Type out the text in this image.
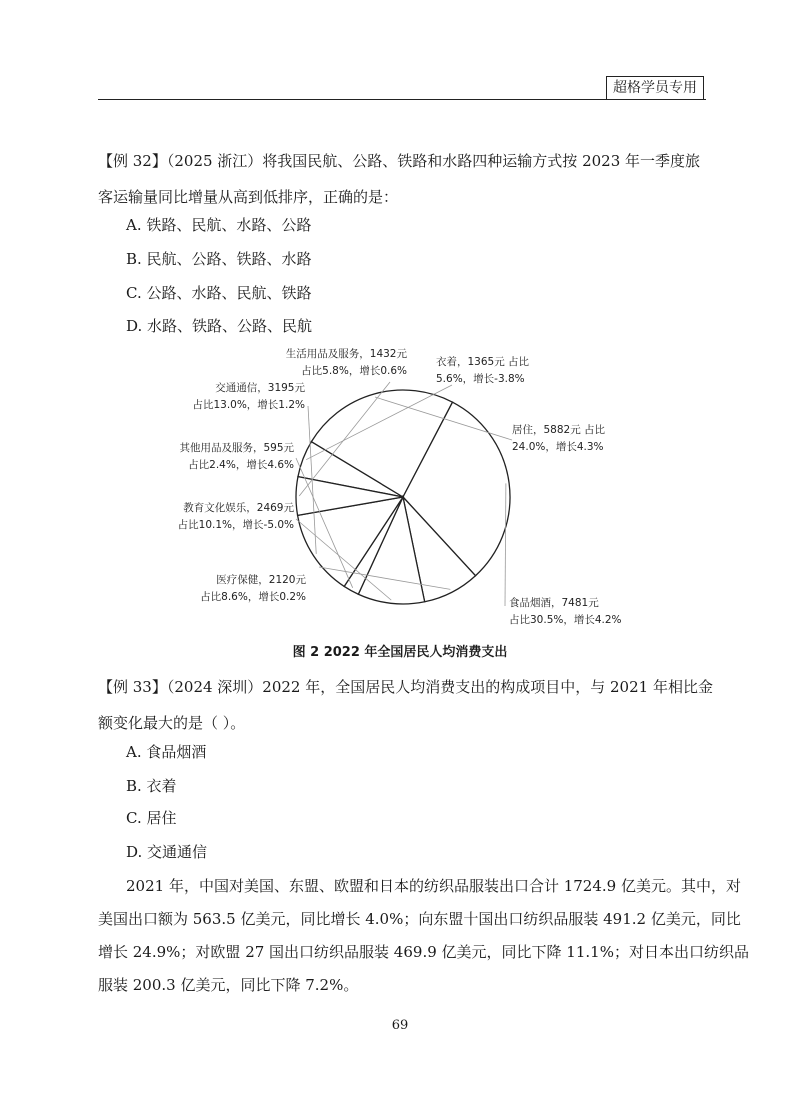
超格学员专用
【例 32】（2025 浙江）将我国民航、公路、铁路和水路四种运输方式按 2023 年一季度旅
客运输量同比增量从高到低排序，正确的是：
A. 铁路、民航、水路、公路
B. 民航、公路、铁路、水路
C. 公路、水路、民航、铁路
D. 水路、铁路、公路、民航
衣着，1365元 占比
5.6%，增长-3.8%
居住，5882元 占比
24.0%，增长4.3%
食品烟酒，7481元
占比30.5%，增长4.2%
医疗保健，2120元
占比8.6%，增长0.2%
教育文化娱乐，2469元
占比10.1%，增长-5.0%
其他用品及服务，595元
占比2.4%，增长4.6%
交通通信，3195元
占比13.0%，增长1.2%
生活用品及服务，1432元
占比5.8%，增长0.6%
图 2 2022 年全国居民人均消费支出
【例 33】（2024 深圳）2022 年，全国居民人均消费支出的构成项目中，与 2021 年相比金
额变化最大的是（ ）。
A. 食品烟酒
B. 衣着
C. 居住
D. 交通通信
2021 年，中国对美国、东盟、欧盟和日本的纺织品服装出口合计 1724.9 亿美元。其中，对
美国出口额为 563.5 亿美元，同比增长 4.0%；向东盟十国出口纺织品服装 491.2 亿美元，同比
增长 24.9%；对欧盟 27 国出口纺织品服装 469.9 亿美元，同比下降 11.1%；对日本出口纺织品
服装 200.3 亿美元，同比下降 7.2%。
69
